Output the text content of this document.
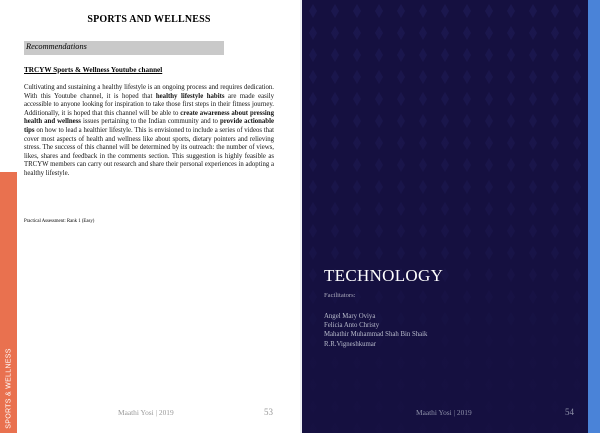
SPORTS & WELLNESS
SPORTS AND WELLNESS
Recommendations
TRCYW Sports & Wellness Youtube channel
Cultivating and sustaining a healthy lifestyle is an ongoing process and requires dedication. With this Youtube channel, it is hoped that healthy lifestyle habits are made easily accessible to anyone looking for inspiration to take those first steps in their fitness journey. Additionally, it is hoped that this channel will be able to create awareness about pressing health and wellness issues pertaining to the Indian community and to provide actionable tips on how to lead a healthier lifestyle. This is envisioned to include a series of videos that cover most aspects of health and wellness like about sports, dietary pointers and relieving stress. The success of this channel will be determined by its outreach: the number of views, likes, shares and feedback in the comments section. This suggestion is highly feasible as TRCYW members can carry out research and share their personal experiences in adopting a healthy lifestyle.
Practical Assessment: Rank 1 (Easy)
Maathi Yosi | 2019	53
TECHNOLOGY
Facilitators:
Angel Mary Oviya
Felicia Anto Christy
Mahathir Muhammad Shah Bin Shaik
R.R.Vigneshkumar
Maathi Yosi | 2019	54
